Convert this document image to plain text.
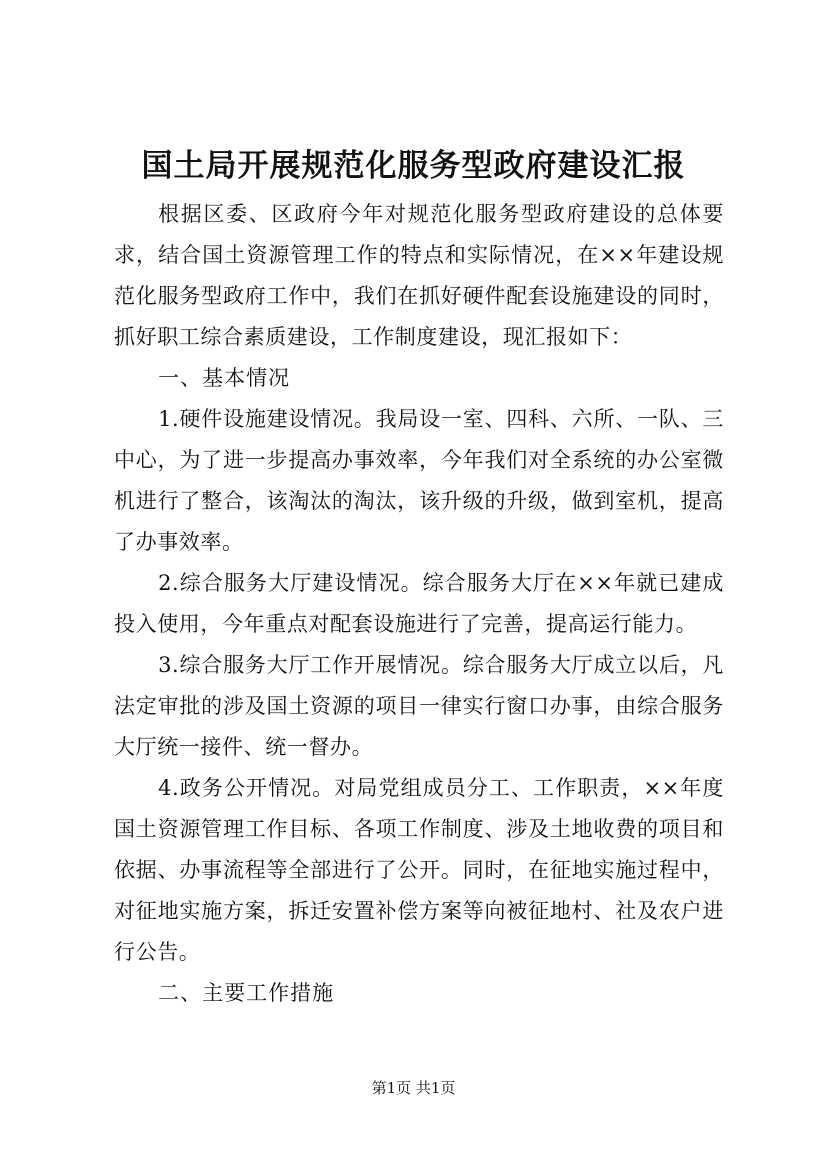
国土局开展规范化服务型政府建设汇报

根据区委、区政府今年对规范化服务型政府建设的总体要求，结合国土资源管理工作的特点和实际情况，在××年建设规范化服务型政府工作中，我们在抓好硬件配套设施建设的同时，抓好职工综合素质建设，工作制度建设，现汇报如下：

一、基本情况

1.硬件设施建设情况。我局设一室、四科、六所、一队、三中心，为了进一步提高办事效率，今年我们对全系统的办公室微机进行了整合，该淘汰的淘汰，该升级的升级，做到室机，提高了办事效率。

2.综合服务大厅建设情况。综合服务大厅在××年就已建成投入使用，今年重点对配套设施进行了完善，提高运行能力。

3.综合服务大厅工作开展情况。综合服务大厅成立以后，凡法定审批的涉及国土资源的项目一律实行窗口办事，由综合服务大厅统一接件、统一督办。

4.政务公开情况。对局党组成员分工、工作职责，××年度国土资源管理工作目标、各项工作制度、涉及土地收费的项目和依据、办事流程等全部进行了公开。同时，在征地实施过程中，对征地实施方案，拆迁安置补偿方案等向被征地村、社及农户进行公告。

二、主要工作措施

第1页 共1页
